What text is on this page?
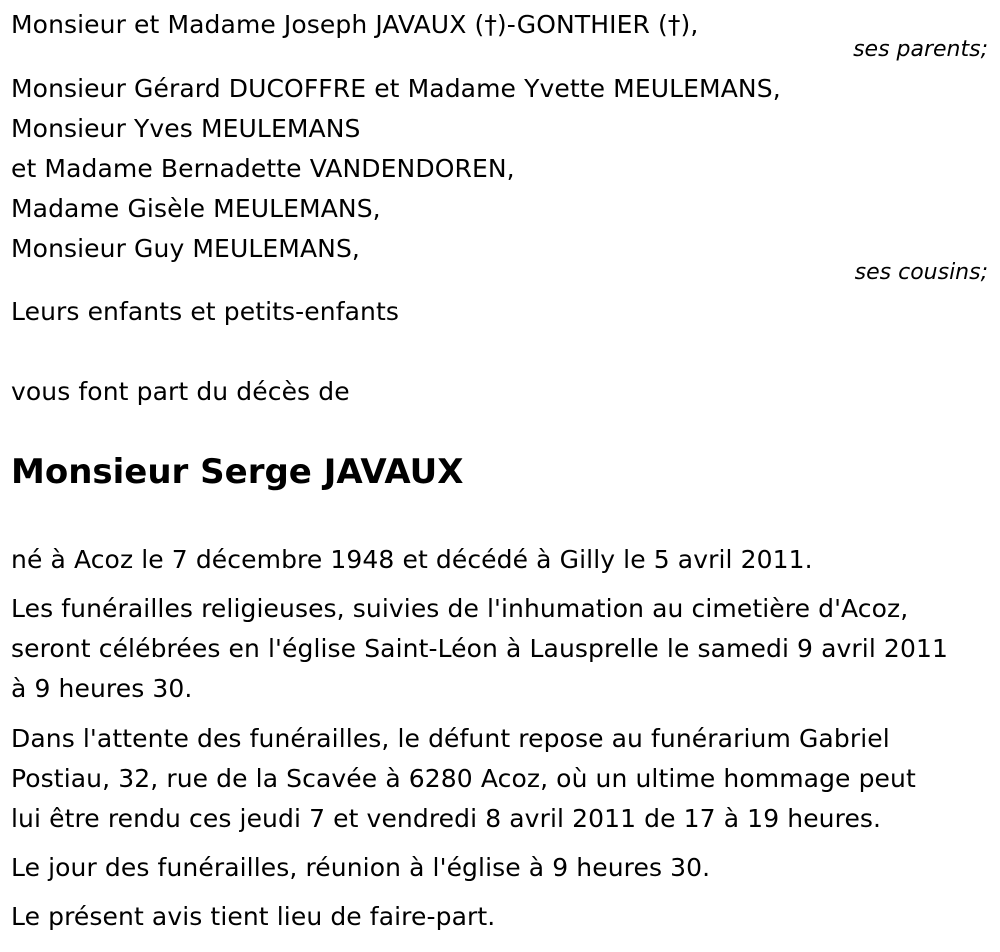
Monsieur et Madame Joseph JAVAUX (†)-GONTHIER (†),
ses parents;
Monsieur Gérard DUCOFFRE et Madame Yvette MEULEMANS,
Monsieur Yves MEULEMANS
et Madame Bernadette VANDENDOREN,
Madame Gisèle MEULEMANS,
Monsieur Guy MEULEMANS,
ses cousins;
Leurs enfants et petits-enfants
vous font part du décès de
Monsieur Serge JAVAUX
né à Acoz le 7 décembre 1948 et décédé à Gilly le 5 avril 2011.
Les funérailles religieuses, suivies de l'inhumation au cimetière d'Acoz,
seront célébrées en l'église Saint-Léon à Lausprelle le samedi 9 avril 2011
à 9 heures 30.
Dans l'attente des funérailles, le défunt repose au funérarium Gabriel
Postiau, 32, rue de la Scavée à 6280 Acoz, où un ultime hommage peut
lui être rendu ces jeudi 7 et vendredi 8 avril 2011 de 17 à 19 heures.
Le jour des funérailles, réunion à l'église à 9 heures 30.
Le présent avis tient lieu de faire-part.
